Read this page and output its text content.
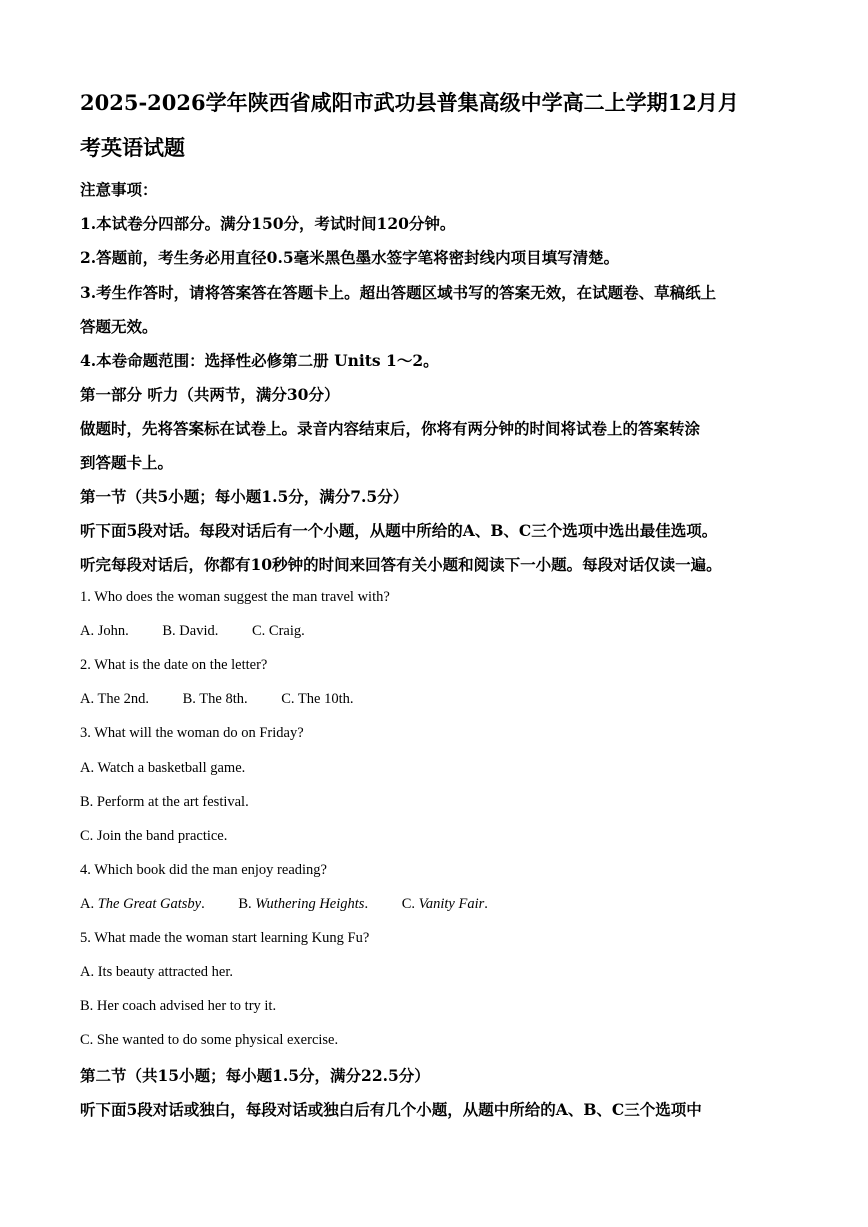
2025-2026学年陕西省咸阳市武功县普集高级中学高二上学期12月月
考英语试题

注意事项：

1.本试卷分四部分。满分150分，考试时间120分钟。

2.答题前，考生务必用直径0.5毫米黑色墨水签字笔将密封线内项目填写清楚。

3.考生作答时，请将答案答在答题卡上。超出答题区域书写的答案无效，在试题卷、草稿纸上

答题无效。

4.本卷命题范围：选择性必修第二册 Units 1～2。

第一部分 听力（共两节，满分30分）

做题时，先将答案标在试卷上。录音内容结束后，你将有两分钟的时间将试卷上的答案转涂

到答题卡上。

第一节（共5小题；每小题1.5分，满分7.5分）

听下面5段对话。每段对话后有一个小题，从题中所给的A、B、C三个选项中选出最佳选项。

听完每段对话后，你都有10秒钟的时间来回答有关小题和阅读下一小题。每段对话仅读一遍。

1. Who does the woman suggest the man travel with?

A. John. B. David. C. Craig.

2. What is the date on the letter?

A. The 2nd. B. The 8th. C. The 10th.

3. What will the woman do on Friday?

A. Watch a basketball game.

B. Perform at the art festival.

C. Join the band practice.

4. Which book did the man enjoy reading?

A. The Great Gatsby. B. Wuthering Heights. C. Vanity Fair.

5. What made the woman start learning Kung Fu?

A. Its beauty attracted her.

B. Her coach advised her to try it.

C. She wanted to do some physical exercise.

第二节（共15小题；每小题1.5分，满分22.5分）

听下面5段对话或独白，每段对话或独白后有几个小题，从题中所给的A、B、C三个选项中
